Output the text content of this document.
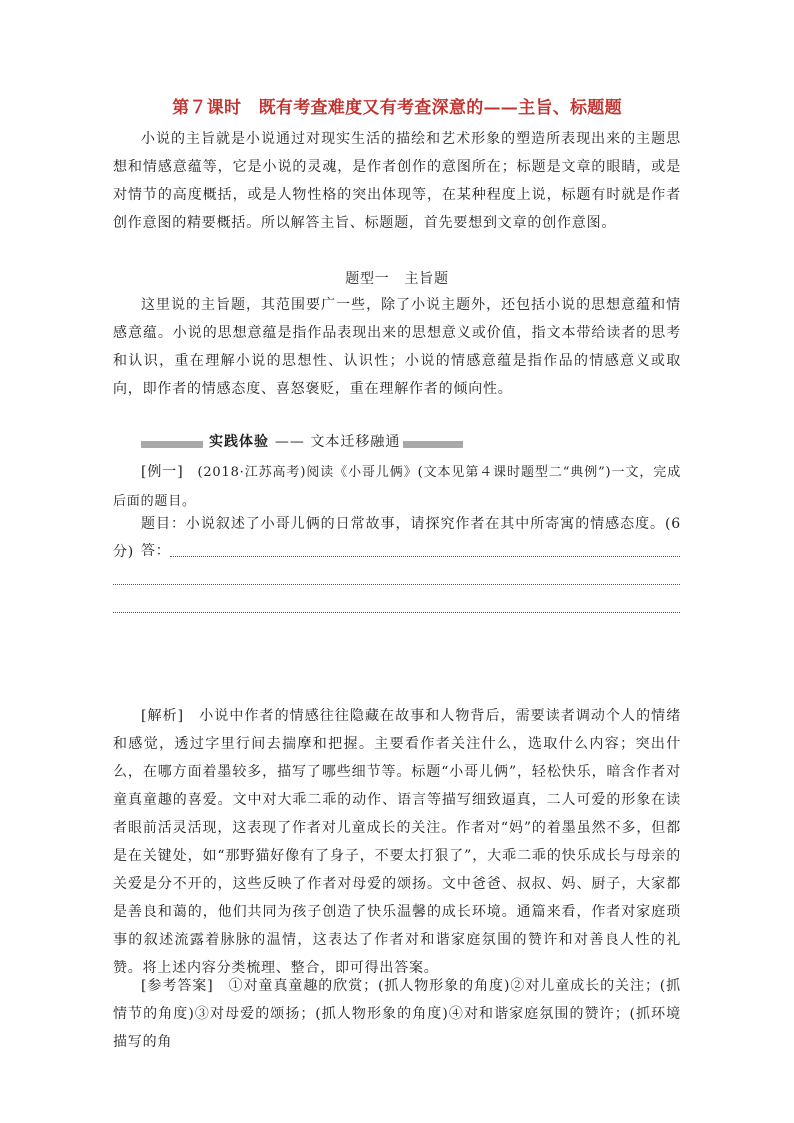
第７课时　既有考查难度又有考查深意的——主旨、标题题
小说的主旨就是小说通过对现实生活的描绘和艺术形象的塑造所表现出来的主题思想和情感意蕴等，它是小说的灵魂，是作者创作的意图所在；标题是文章的眼睛，或是对情节的高度概括，或是人物性格的突出体现等，在某种程度上说，标题有时就是作者创作意图的精要概括。所以解答主旨、标题题，首先要想到文章的创作意图。
题型一　主旨题
这里说的主旨题，其范围要广一些，除了小说主题外，还包括小说的思想意蕴和情感意蕴。小说的思想意蕴是指作品表现出来的思想意义或价值，指文本带给读者的思考和认识，重在理解小说的思想性、认识性；小说的情感意蕴是指作品的情感意义或取向，即作者的情感态度、喜怒褒贬，重在理解作者的倾向性。
实践体验 —— 文本迁移融通
[例一]　(2018·江苏高考)阅读《小哥儿俩》(文本见第４课时题型二“典例”)一文，完成后面的题目。
题目：小说叙述了小哥儿俩的日常故事，请探究作者在其中所寄寓的情感态度。(6分) 答：
[解析]　小说中作者的情感往往隐藏在故事和人物背后，需要读者调动个人的情绪和感觉，透过字里行间去揣摩和把握。主要看作者关注什么，选取什么内容；突出什么，在哪方面着墨较多，描写了哪些细节等。标题“小哥儿俩”，轻松快乐，暗含作者对童真童趣的喜爱。文中对大乖二乖的动作、语言等描写细致逼真，二人可爱的形象在读者眼前活灵活现，这表现了作者对儿童成长的关注。作者对“妈”的着墨虽然不多，但都是在关键处，如“那野猫好像有了身子，不要太打狠了”，大乖二乖的快乐成长与母亲的关爱是分不开的，这些反映了作者对母爱的颂扬。文中爸爸、叔叔、妈、厨子，大家都是善良和蔼的，他们共同为孩子创造了快乐温馨的成长环境。通篇来看，作者对家庭琐事的叙述流露着脉脉的温情，这表达了作者对和谐家庭氛围的赞许和对善良人性的礼赞。将上述内容分类梳理、整合，即可得出答案。
[参考答案]　①对童真童趣的欣赏；(抓人物形象的角度)②对儿童成长的关注；(抓情节的角度)③对母爱的颂扬；(抓人物形象的角度)④对和谐家庭氛围的赞许；(抓环境描写的角
